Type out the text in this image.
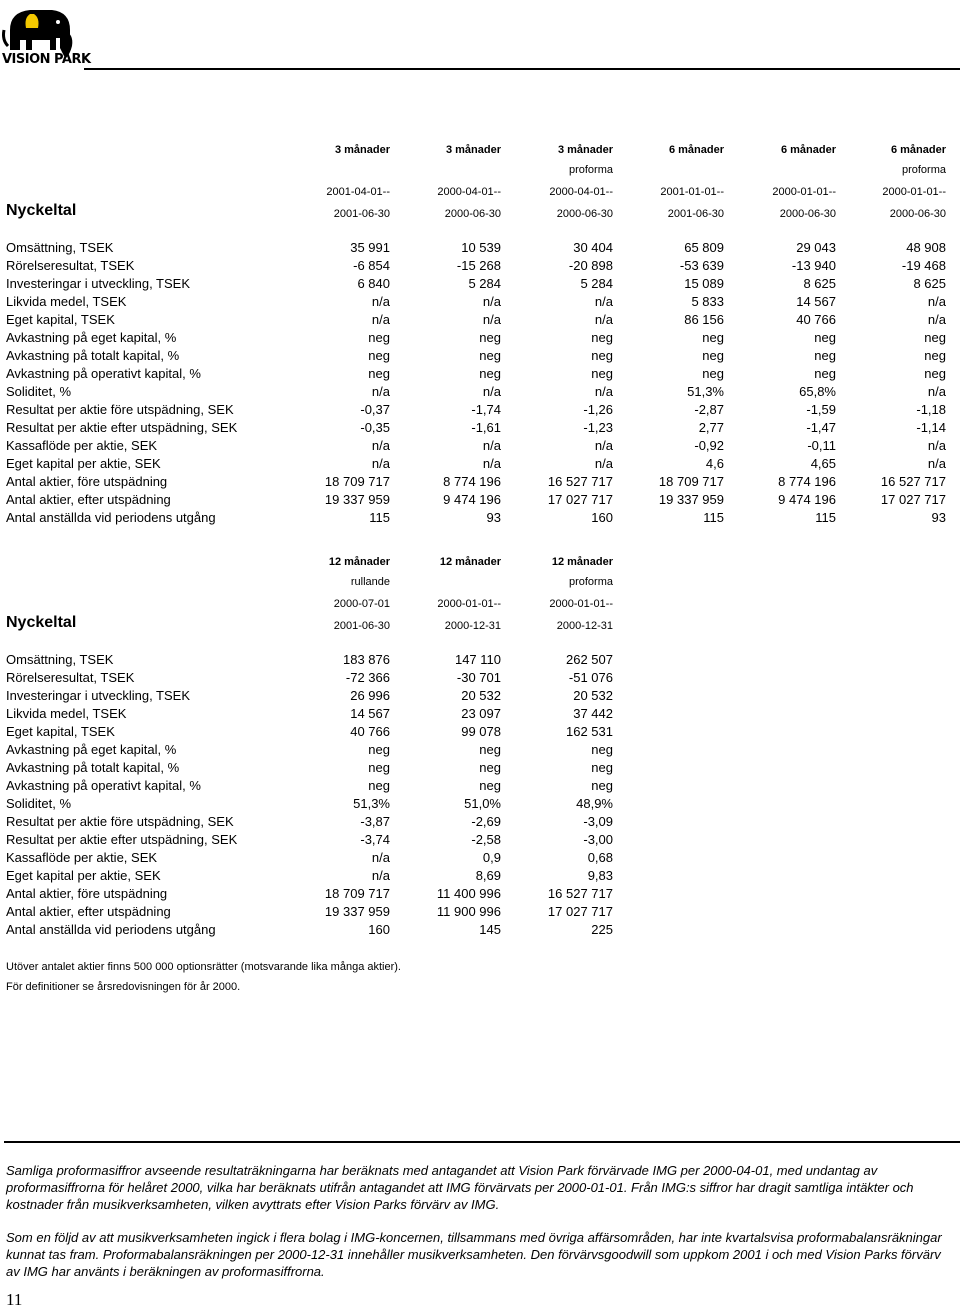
VISION PARK
	3 månader	3 månader	3 månader	6 månader	6 månader	6 månader
			proforma			proforma
	2001-04-01--	2000-04-01--	2000-04-01--	2001-01-01--	2000-01-01--	2000-01-01--
Nyckeltal	2001-06-30	2000-06-30	2000-06-30	2001-06-30	2000-06-30	2000-06-30

Omsättning, TSEK	35 991	10 539	30 404	65 809	29 043	48 908
Rörelseresultat, TSEK	-6 854	-15 268	-20 898	-53 639	-13 940	-19 468
Investeringar i utveckling, TSEK	6 840	5 284	5 284	15 089	8 625	8 625
Likvida medel, TSEK	n/a	n/a	n/a	5 833	14 567	n/a
Eget kapital, TSEK	n/a	n/a	n/a	86 156	40 766	n/a
Avkastning på eget kapital, %	neg	neg	neg	neg	neg	neg
Avkastning på totalt kapital, %	neg	neg	neg	neg	neg	neg
Avkastning på operativt kapital, %	neg	neg	neg	neg	neg	neg
Soliditet, %	n/a	n/a	n/a	51,3%	65,8%	n/a
Resultat per aktie före utspädning, SEK	-0,37	-1,74	-1,26	-2,87	-1,59	-1,18
Resultat per aktie efter utspädning, SEK	-0,35	-1,61	-1,23	2,77	-1,47	-1,14
Kassaflöde per aktie, SEK	n/a	n/a	n/a	-0,92	-0,11	n/a
Eget kapital per aktie, SEK	n/a	n/a	n/a	4,6	4,65	n/a
Antal aktier, före utspädning	18 709 717	8 774 196	16 527 717	18 709 717	8 774 196	16 527 717
Antal aktier, efter utspädning	19 337 959	9 474 196	17 027 717	19 337 959	9 474 196	17 027 717
Antal anställda vid periodens utgång	115	93	160	115	115	93
	12 månader	12 månader	12 månader
	rullande		proforma
	2000-07-01	2000-01-01--	2000-01-01--
Nyckeltal	2001-06-30	2000-12-31	2000-12-31

Omsättning, TSEK	183 876	147 110	262 507
Rörelseresultat, TSEK	-72 366	-30 701	-51 076
Investeringar i utveckling, TSEK	26 996	20 532	20 532
Likvida medel, TSEK	14 567	23 097	37 442
Eget kapital, TSEK	40 766	99 078	162 531
Avkastning på eget kapital, %	neg	neg	neg
Avkastning på totalt kapital, %	neg	neg	neg
Avkastning på operativt kapital, %	neg	neg	neg
Soliditet, %	51,3%	51,0%	48,9%
Resultat per aktie före utspädning, SEK	-3,87	-2,69	-3,09
Resultat per aktie efter utspädning, SEK	-3,74	-2,58	-3,00
Kassaflöde per aktie, SEK	n/a	0,9	0,68
Eget kapital per aktie, SEK	n/a	8,69	9,83
Antal aktier, före utspädning	18 709 717	11 400 996	16 527 717
Antal aktier, efter utspädning	19 337 959	11 900 996	17 027 717
Antal anställda vid periodens utgång	160	145	225
Utöver antalet aktier finns 500 000 optionsrätter (motsvarande lika många aktier).
För definitioner se årsredovisningen för år 2000.

Samliga proformasiffror avseende resultaträkningarna har beräknats med antagandet att Vision Park förvärvade IMG per 2000-04-01, med undantag av proformasiffrorna för helåret 2000, vilka har beräknats utifrån antagandet att IMG förvärvats per 2000-01-01. Från IMG:s siffror har dragit samtliga intäkter och kostnader från musikverksamheten, vilken avyttrats efter Vision Parks förvärv av IMG.

Som en följd av att musikverksamheten ingick i flera bolag i IMG-koncernen, tillsammans med övriga affärsområden, har inte kvartalsvisa proformabalansräkningar kunnat tas fram. Proformabalansräkningen per 2000-12-31 innehåller musikverksamheten. Den förvärvsgoodwill som uppkom 2001 i och med Vision Parks förvärv av IMG har använts i beräkningen av proformasiffrorna.

11
